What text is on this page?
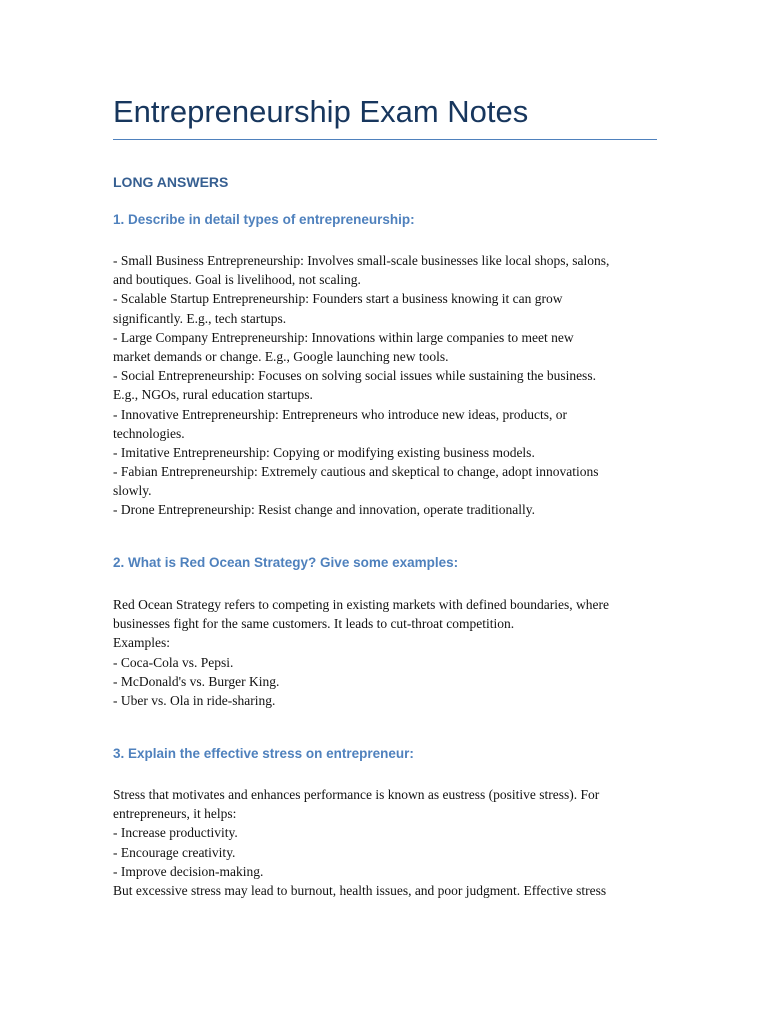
Entrepreneurship Exam Notes
LONG ANSWERS
1. Describe in detail types of entrepreneurship:
- Small Business Entrepreneurship: Involves small-scale businesses like local shops, salons,
and boutiques. Goal is livelihood, not scaling.
- Scalable Startup Entrepreneurship: Founders start a business knowing it can grow
significantly. E.g., tech startups.
- Large Company Entrepreneurship: Innovations within large companies to meet new
market demands or change. E.g., Google launching new tools.
- Social Entrepreneurship: Focuses on solving social issues while sustaining the business.
E.g., NGOs, rural education startups.
- Innovative Entrepreneurship: Entrepreneurs who introduce new ideas, products, or
technologies.
- Imitative Entrepreneurship: Copying or modifying existing business models.
- Fabian Entrepreneurship: Extremely cautious and skeptical to change, adopt innovations
slowly.
- Drone Entrepreneurship: Resist change and innovation, operate traditionally.
2. What is Red Ocean Strategy? Give some examples:
Red Ocean Strategy refers to competing in existing markets with defined boundaries, where
businesses fight for the same customers. It leads to cut-throat competition.
Examples:
- Coca-Cola vs. Pepsi.
- McDonald's vs. Burger King.
- Uber vs. Ola in ride-sharing.
3. Explain the effective stress on entrepreneur:
Stress that motivates and enhances performance is known as eustress (positive stress). For
entrepreneurs, it helps:
- Increase productivity.
- Encourage creativity.
- Improve decision-making.
But excessive stress may lead to burnout, health issues, and poor judgment. Effective stress
